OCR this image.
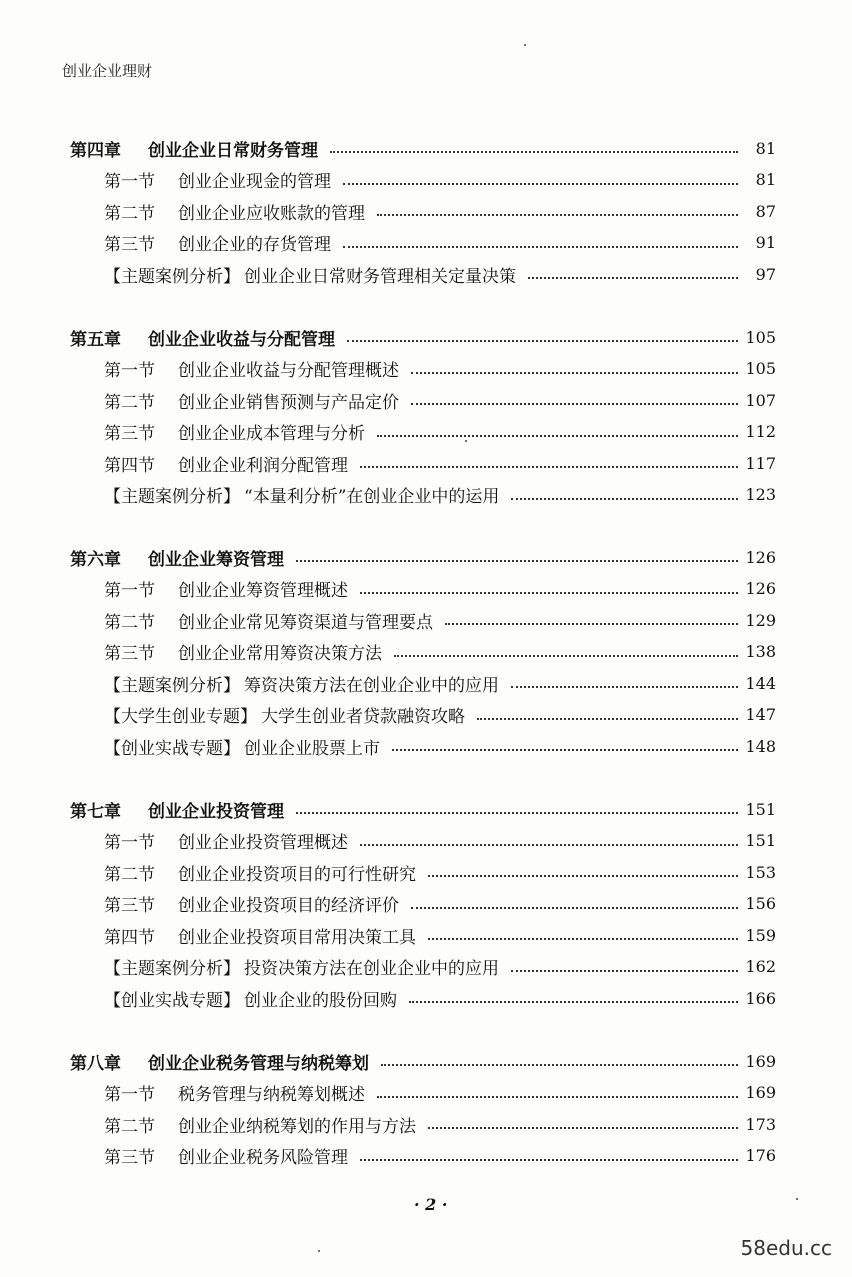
创业企业理财
第四章 创业企业日常财务管理	81
第一节 创业企业现金的管理	81
第二节 创业企业应收账款的管理	87
第三节 创业企业的存货管理	91
【主题案例分析】 创业企业日常财务管理相关定量决策	97
第五章 创业企业收益与分配管理	105
第一节 创业企业收益与分配管理概述	105
第二节 创业企业销售预测与产品定价	107
第三节 创业企业成本管理与分析	112
第四节 创业企业利润分配管理	117
【主题案例分析】 “本量利分析”在创业企业中的运用	123
第六章 创业企业筹资管理	126
第一节 创业企业筹资管理概述	126
第二节 创业企业常见筹资渠道与管理要点	129
第三节 创业企业常用筹资决策方法	138
【主题案例分析】 筹资决策方法在创业企业中的应用	144
【大学生创业专题】 大学生创业者贷款融资攻略	147
【创业实战专题】 创业企业股票上市	148
第七章 创业企业投资管理	151
第一节 创业企业投资管理概述	151
第二节 创业企业投资项目的可行性研究	153
第三节 创业企业投资项目的经济评价	156
第四节 创业企业投资项目常用决策工具	159
【主题案例分析】 投资决策方法在创业企业中的应用	162
【创业实战专题】 创业企业的股份回购	166
第八章 创业企业税务管理与纳税筹划	169
第一节 税务管理与纳税筹划概述	169
第二节 创业企业纳税筹划的作用与方法	173
第三节 创业企业税务风险管理	176
· 2 ·
58edu.cc
